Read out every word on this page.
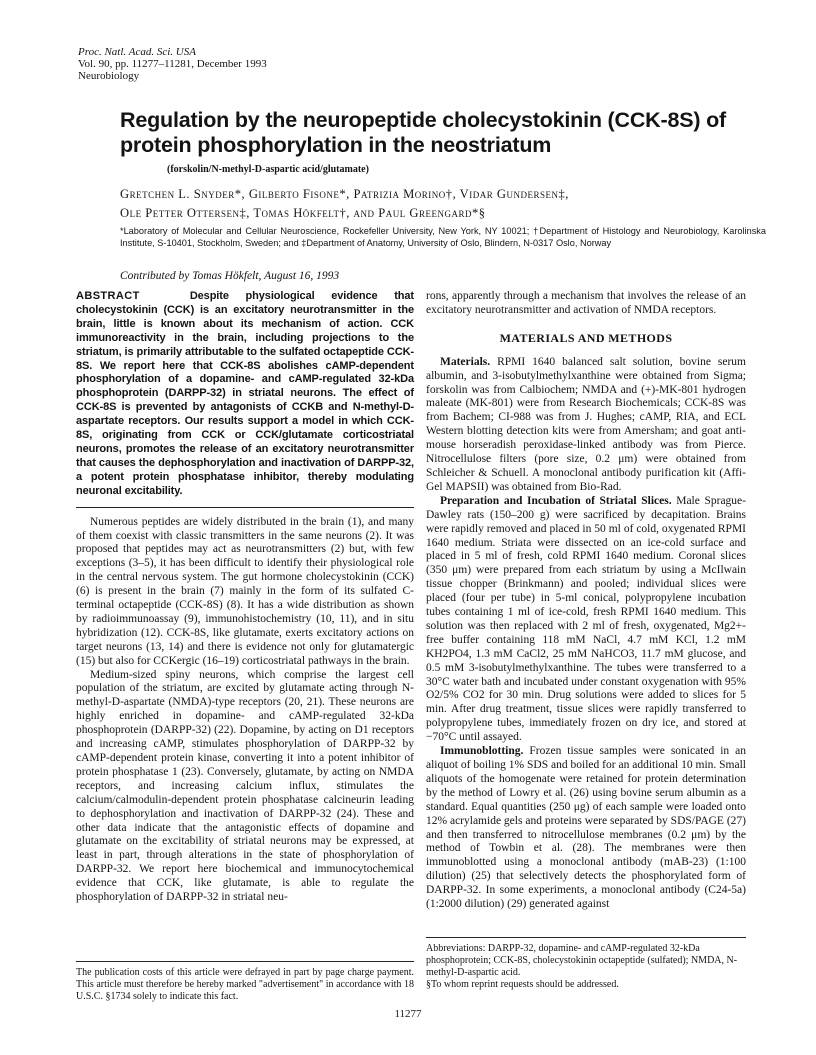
Proc. Natl. Acad. Sci. USA
Vol. 90, pp. 11277–11281, December 1993
Neurobiology
Regulation by the neuropeptide cholecystokinin (CCK-8S) of protein phosphorylation in the neostriatum
(forskolin/N-methyl-D-aspartic acid/glutamate)
Gretchen L. Snyder*, Gilberto Fisone*, Patrizia Morino†, Vidar Gundersen‡,
Ole Petter Ottersen‡, Tomas Hökfelt†, and Paul Greengard*§
*Laboratory of Molecular and Cellular Neuroscience, Rockefeller University, New York, NY 10021; †Department of Histology and Neurobiology, Karolinska Institute, S-10401, Stockholm, Sweden; and ‡Department of Anatomy, University of Oslo, Blindern, N-0317 Oslo, Norway
Contributed by Tomas Hökfelt, August 16, 1993
ABSTRACT	Despite physiological evidence that cholecystokinin (CCK) is an excitatory neurotransmitter in the brain, little is known about its mechanism of action. CCK immunoreactivity in the brain, including projections to the striatum, is primarily attributable to the sulfated octapeptide CCK-8S. We report here that CCK-8S abolishes cAMP-dependent phosphorylation of a dopamine- and cAMP-regulated 32-kDa phosphoprotein (DARPP-32) in striatal neurons. The effect of CCK-8S is prevented by antagonists of CCKB and N-methyl-D-aspartate receptors. Our results support a model in which CCK-8S, originating from CCK or CCK/glutamate corticostriatal neurons, promotes the release of an excitatory neurotransmitter that causes the dephosphorylation and inactivation of DARPP-32, a potent protein phosphatase inhibitor, thereby modulating neuronal excitability.

Numerous peptides are widely distributed in the brain (1), and many of them coexist with classic transmitters in the same neurons (2). It was proposed that peptides may act as neurotransmitters (2) but, with few exceptions (3–5), it has been difficult to identify their physiological role in the central nervous system. The gut hormone cholecystokinin (CCK) (6) is present in the brain (7) mainly in the form of its sulfated C-terminal octapeptide (CCK-8S) (8). It has a wide distribution as shown by radioimmunoassay (9), immunohistochemistry (10, 11), and in situ hybridization (12). CCK-8S, like glutamate, exerts excitatory actions on target neurons (13, 14) and there is evidence not only for glutamatergic (15) but also for CCKergic (16–19) corticostriatal pathways in the brain.

Medium-sized spiny neurons, which comprise the largest cell population of the striatum, are excited by glutamate acting through N-methyl-D-aspartate (NMDA)-type receptors (20, 21). These neurons are highly enriched in dopamine- and cAMP-regulated 32-kDa phosphoprotein (DARPP-32) (22). Dopamine, by acting on D1 receptors and increasing cAMP, stimulates phosphorylation of DARPP-32 by cAMP-dependent protein kinase, converting it into a potent inhibitor of protein phosphatase 1 (23). Conversely, glutamate, by acting on NMDA receptors, and increasing calcium influx, stimulates the calcium/calmodulin-dependent protein phosphatase calcineurin leading to dephosphorylation and inactivation of DARPP-32 (24). These and other data indicate that the antagonistic effects of dopamine and glutamate on the excitability of striatal neurons may be expressed, at least in part, through alterations in the state of phosphorylation of DARPP-32. We report here biochemical and immunocytochemical evidence that CCK, like glutamate, is able to regulate the phosphorylation of DARPP-32 in striatal neu-

rons, apparently through a mechanism that involves the release of an excitatory neurotransmitter and activation of NMDA receptors.

MATERIALS AND METHODS

Materials. RPMI 1640 balanced salt solution, bovine serum albumin, and 3-isobutylmethylxanthine were obtained from Sigma; forskolin was from Calbiochem; NMDA and (+)-MK-801 hydrogen maleate (MK-801) were from Research Biochemicals; CCK-8S was from Bachem; CI-988 was from J. Hughes; cAMP, RIA, and ECL Western blotting detection kits were from Amersham; and goat anti-mouse horseradish peroxidase-linked antibody was from Pierce. Nitrocellulose filters (pore size, 0.2 μm) were obtained from Schleicher & Schuell. A monoclonal antibody purification kit (Affi-Gel MAPSII) was obtained from Bio-Rad.

Preparation and Incubation of Striatal Slices. Male Sprague-Dawley rats (150–200 g) were sacrificed by decapitation. Brains were rapidly removed and placed in 50 ml of cold, oxygenated RPMI 1640 medium. Striata were dissected on an ice-cold surface and placed in 5 ml of fresh, cold RPMI 1640 medium. Coronal slices (350 μm) were prepared from each striatum by using a McIlwain tissue chopper (Brinkmann) and pooled; individual slices were placed (four per tube) in 5-ml conical, polypropylene incubation tubes containing 1 ml of ice-cold, fresh RPMI 1640 medium. This solution was then replaced with 2 ml of fresh, oxygenated, Mg2+-free buffer containing 118 mM NaCl, 4.7 mM KCl, 1.2 mM KH2PO4, 1.3 mM CaCl2, 25 mM NaHCO3, 11.7 mM glucose, and 0.5 mM 3-isobutylmethylxanthine. The tubes were transferred to a 30°C water bath and incubated under constant oxygenation with 95% O2/5% CO2 for 30 min. Drug solutions were added to slices for 5 min. After drug treatment, tissue slices were rapidly transferred to polypropylene tubes, immediately frozen on dry ice, and stored at −70°C until assayed.

Immunoblotting. Frozen tissue samples were sonicated in an aliquot of boiling 1% SDS and boiled for an additional 10 min. Small aliquots of the homogenate were retained for protein determination by the method of Lowry et al. (26) using bovine serum albumin as a standard. Equal quantities (250 μg) of each sample were loaded onto 12% acrylamide gels and proteins were separated by SDS/PAGE (27) and then transferred to nitrocellulose membranes (0.2 μm) by the method of Towbin et al. (28). The membranes were then immunoblotted using a monoclonal antibody (mAB-23) (1:100 dilution) (25) that selectively detects the phosphorylated form of DARPP-32. In some experiments, a monoclonal antibody (C24-5a) (1:2000 dilution) (29) generated against

The publication costs of this article were defrayed in part by page charge payment. This article must therefore be hereby marked "advertisement" in accordance with 18 U.S.C. §1734 solely to indicate this fact.
Abbreviations: DARPP-32, dopamine- and cAMP-regulated 32-kDa phosphoprotein; CCK-8S, cholecystokinin octapeptide (sulfated); NMDA, N-methyl-D-aspartic acid.
§To whom reprint requests should be addressed.
11277
